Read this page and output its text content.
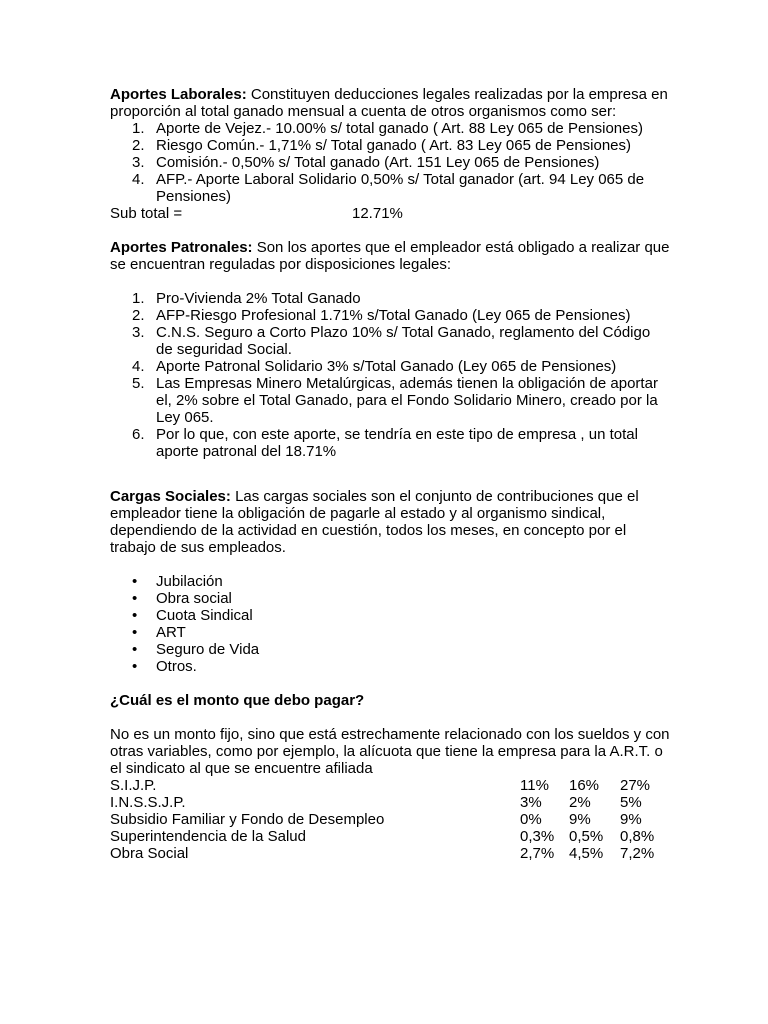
Aportes Laborales: Constituyen deducciones legales realizadas por la empresa en proporción al total ganado mensual a cuenta de otros organismos como ser:

1. Aporte de Vejez.- 10.00% s/ total ganado ( Art. 88 Ley 065 de Pensiones)
2. Riesgo Común.- 1,71% s/ Total ganado ( Art. 83 Ley 065 de Pensiones)
3. Comisión.- 0,50% s/ Total ganado (Art. 151 Ley 065 de Pensiones)
4. AFP.- Aporte Laboral Solidario 0,50% s/ Total ganador (art. 94 Ley 065 de Pensiones)
Sub total =	12.71%

Aportes Patronales: Son los aportes que el empleador está obligado a realizar que se encuentran reguladas por disposiciones legales:

1. Pro-Vivienda 2% Total Ganado
2. AFP-Riesgo Profesional 1.71% s/Total Ganado (Ley 065 de Pensiones)
3. C.N.S. Seguro a Corto Plazo 10% s/ Total Ganado, reglamento del Código de seguridad Social.
4. Aporte Patronal Solidario 3% s/Total Ganado (Ley 065 de Pensiones)
5. Las Empresas Minero Metalúrgicas, además tienen la obligación de aportar el, 2% sobre el Total Ganado, para el Fondo Solidario Minero, creado por la Ley 065.
6. Por lo que, con este aporte, se tendría en este tipo de empresa , un total aporte patronal del 18.71%

Cargas Sociales: Las cargas sociales son el conjunto de contribuciones que el empleador tiene la obligación de pagarle al estado y al organismo sindical, dependiendo de la actividad en cuestión, todos los meses, en concepto por el trabajo de sus empleados.

• Jubilación
• Obra social
• Cuota Sindical
• ART
• Seguro de Vida
• Otros.

¿Cuál es el monto que debo pagar?

No es un monto fijo, sino que está estrechamente relacionado con los sueldos y con otras variables, como por ejemplo, la alícuota que tiene la empresa para la A.R.T. o el sindicato al que se encuentre afiliada

S.I.J.P.	11% 16% 27%
I.N.S.S.J.P.	3% 2% 5%
Subsidio Familiar y Fondo de Desempleo	0% 9% 9%
Superintendencia de la Salud	0,3% 0,5% 0,8%
Obra Social	2,7% 4,5% 7,2%
